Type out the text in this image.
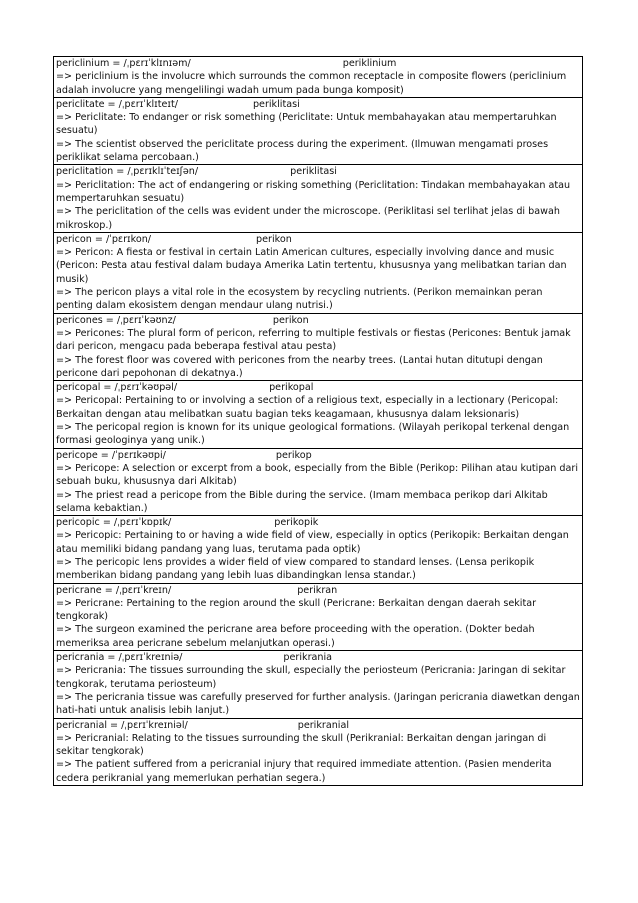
periclinium = /ˌpɛrɪˈklɪnɪəm/	periklinium
=> periclinium is the involucre which surrounds the common receptacle in composite flowers (periclinium adalah involucre yang mengelilingi wadah umum pada bunga komposit)

periclitate = /ˌpɛrɪˈklɪteɪt/	periklitasi
=> Periclitate: To endanger or risk something (Periclitate: Untuk membahayakan atau mempertaruhkan sesuatu)
=> The scientist observed the periclitate process during the experiment. (Ilmuwan mengamati proses periklikat selama percobaan.)

periclitation = /ˌpɛrɪklɪˈteɪʃən/	periklitasi
=> Periclitation: The act of endangering or risking something (Periclitation: Tindakan membahayakan atau mempertaruhkan sesuatu)
=> The periclitation of the cells was evident under the microscope. (Periklitasi sel terlihat jelas di bawah mikroskop.)

pericon = /ˈpɛrɪkon/	perikon
=> Pericon: A fiesta or festival in certain Latin American cultures, especially involving dance and music (Pericon: Pesta atau festival dalam budaya Amerika Latin tertentu, khususnya yang melibatkan tarian dan musik)
=> The pericon plays a vital role in the ecosystem by recycling nutrients. (Perikon memainkan peran penting dalam ekosistem dengan mendaur ulang nutrisi.)

pericones = /ˌpɛrɪˈkəʊnz/	perikon
=> Pericones: The plural form of pericon, referring to multiple festivals or fiestas (Pericones: Bentuk jamak dari pericon, mengacu pada beberapa festival atau pesta)
=> The forest floor was covered with pericones from the nearby trees. (Lantai hutan ditutupi dengan pericone dari pepohonan di dekatnya.)

pericopal = /ˌpɛrɪˈkəʊpəl/	perikopal
=> Pericopal: Pertaining to or involving a section of a religious text, especially in a lectionary (Pericopal: Berkaitan dengan atau melibatkan suatu bagian teks keagamaan, khususnya dalam leksionaris)
=> The pericopal region is known for its unique geological formations. (Wilayah perikopal terkenal dengan formasi geologinya yang unik.)

pericope = /ˈpɛrɪkəʊpi/	perikop
=> Pericope: A selection or excerpt from a book, especially from the Bible (Perikop: Pilihan atau kutipan dari sebuah buku, khususnya dari Alkitab)
=> The priest read a pericope from the Bible during the service. (Imam membaca perikop dari Alkitab selama kebaktian.)

pericopic = /ˌpɛrɪˈkɒpɪk/	perikopik
=> Pericopic: Pertaining to or having a wide field of view, especially in optics (Perikopik: Berkaitan dengan atau memiliki bidang pandang yang luas, terutama pada optik)
=> The pericopic lens provides a wider field of view compared to standard lenses. (Lensa perikopik memberikan bidang pandang yang lebih luas dibandingkan lensa standar.)

pericrane = /ˌpɛrɪˈkreɪn/	perikran
=> Pericrane: Pertaining to the region around the skull (Pericrane: Berkaitan dengan daerah sekitar tengkorak)
=> The surgeon examined the pericrane area before proceeding with the operation. (Dokter bedah memeriksa area pericrane sebelum melanjutkan operasi.)

pericrania = /ˌpɛrɪˈkreɪniə/	perikrania
=> Pericrania: The tissues surrounding the skull, especially the periosteum (Pericrania: Jaringan di sekitar tengkorak, terutama periosteum)
=> The pericrania tissue was carefully preserved for further analysis. (Jaringan pericrania diawetkan dengan hati-hati untuk analisis lebih lanjut.)

pericranial = /ˌpɛrɪˈkreɪniəl/	perikranial
=> Pericranial: Relating to the tissues surrounding the skull (Perikranial: Berkaitan dengan jaringan di sekitar tengkorak)
=> The patient suffered from a pericranial injury that required immediate attention. (Pasien menderita cedera perikranial yang memerlukan perhatian segera.)
